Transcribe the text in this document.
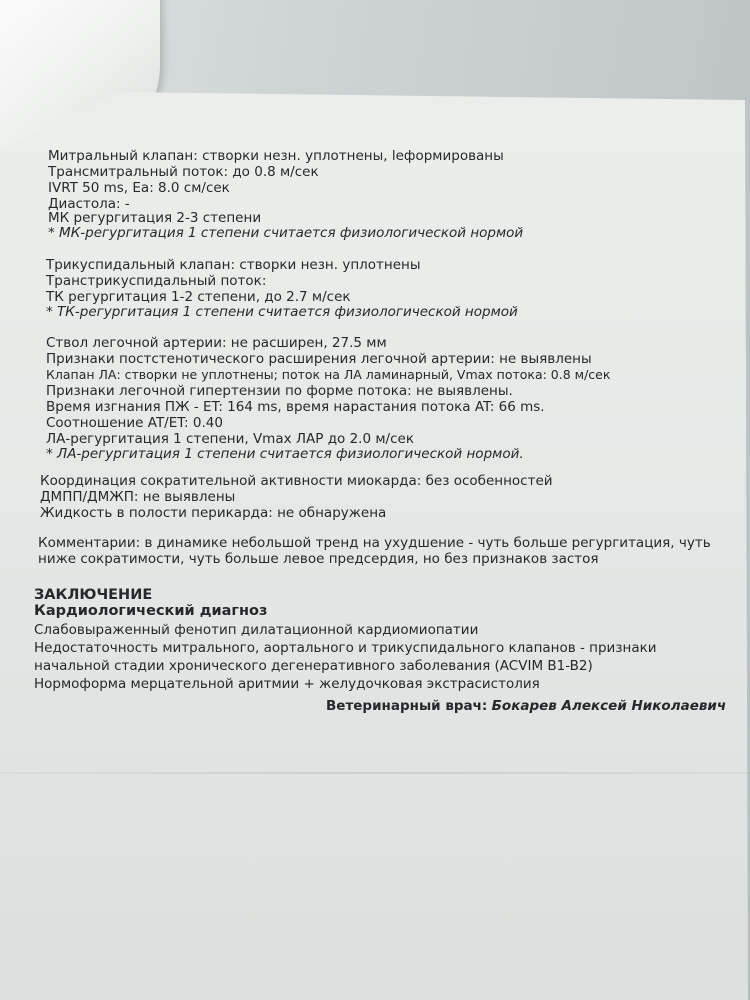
Митральный клапан: створки незн. уплотнены, lеформированы
Трансмитральный поток: до 0.8 м/сек
IVRT 50 ms, Ea: 8.0 см/сек
Диастола: -
МК регургитация 2-3 степени
* МК-регургитация 1 степени считается физиологической нормой
Трикуспидальный клапан: створки незн. уплотнены
Транстрикуспидальный поток:
ТК регургитация 1-2 степени, до 2.7 м/сек
* ТК-регургитация 1 степени считается физиологической нормой
Ствол легочной артерии: не расширен, 27.5 мм
Признаки постстенотического расширения легочной артерии: не выявлены
Клапан ЛА: створки не уплотнены; поток на ЛА ламинарный, Vmax потока: 0.8 м/сек
Признаки легочной гипертензии по форме потока: не выявлены.
Время изгнания ПЖ - ET: 164 ms, время нарастания потока AT: 66 ms.
Соотношение AT/ET: 0.40
ЛА-регургитация 1 степени, Vmax ЛАР до 2.0 м/сек
* ЛА-регургитация 1 степени считается физиологической нормой.
Координация сократительной активности миокарда: без особенностей
ДМПП/ДМЖП: не выявлены
Жидкость в полости перикарда: не обнаружена
Комментарии: в динамике небольшой тренд на ухудшение - чуть больше регургитация, чуть
ниже сократимости, чуть больше левое предсердия, но без признаков застоя
ЗАКЛЮЧЕНИЕ
Кардиологический диагноз
Слабовыраженный фенотип дилатационной кардиомиопатии
Недостаточность митрального, аортального и трикуспидального клапанов - признаки
начальной стадии хронического дегенеративного заболевания (ACVIM B1-B2)
Нормоформа мерцательной аритмии + желудочковая экстрасистолия
Ветеринарный врач: Бокарев Алексей Николаевич
